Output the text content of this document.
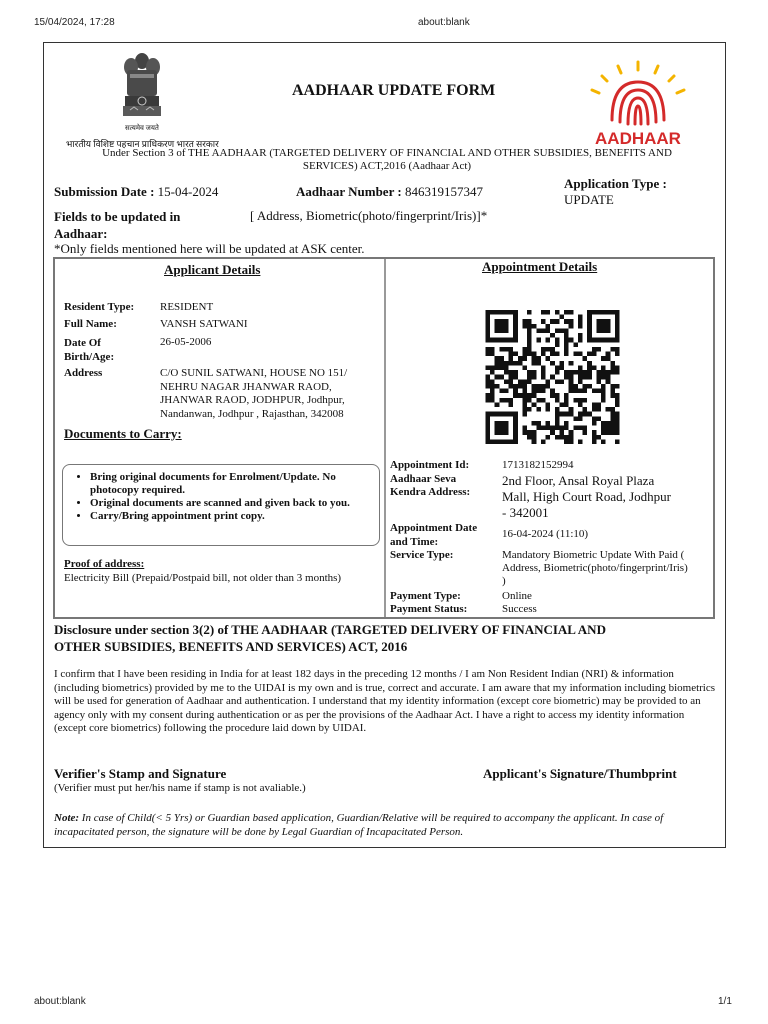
15/04/2024, 17:28	about:blank
about:blank	1/1
सत्यमेव जयते
भारतीय विशिष्ट पहचान प्राधिकरण भारत सरकार
AADHAAR UPDATE FORM
AADHAAR
Under Section 3 of THE AADHAAR (TARGETED DELIVERY OF FINANCIAL AND OTHER SUBSIDIES, BENEFITS AND
SERVICES) ACT,2016 (Aadhaar Act)
Submission Date : 15-04-2024	Aadhaar Number : 846319157347
Application Type :
UPDATE
Fields to be updated in
Aadhaar:
[ Address, Biometric(photo/fingerprint/Iris)]*
*Only fields mentioned here will be updated at ASK center.
Applicant Details
Resident Type: RESIDENT
Full Name:	VANSH SATWANI
Date Of
Birth/Age:
26-05-2006
Address	C/O SUNIL SATWANI, HOUSE NO 151/
NEHRU NAGAR JHANWAR RAOD,
JHANWAR RAOD, JODHPUR, Jodhpur,
Nandanwan, Jodhpur , Rajasthan, 342008
Documents to Carry:
• Bring original documents for Enrolment/Update. No photocopy required.
• Original documents are scanned and given back to you.
• Carry/Bring appointment print copy.
Proof of address:
Electricity Bill (Prepaid/Postpaid bill, not older than 3 months)
Appointment Details
Appointment Id:	1713182152994
Aadhaar Seva
Kendra Address:
2nd Floor, Ansal Royal Plaza
Mall, High Court Road, Jodhpur
- 342001
Appointment Date
and Time:
16-04-2024 (11:10)
Service Type:	Mandatory Biometric Update With Paid (
Address, Biometric(photo/fingerprint/Iris)
)
Payment Type:	Online
Payment Status:	Success
Disclosure under section 3(2) of THE AADHAAR (TARGETED DELIVERY OF FINANCIAL AND
OTHER SUBSIDIES, BENEFITS AND SERVICES) ACT, 2016
I confirm that I have been residing in India for at least 182 days in the preceding 12 months / I am Non Resident Indian (NRI) & information (including biometrics) provided by me to the UIDAI is my own and is true, correct and accurate. I am aware that my information including biometrics will be used for generation of Aadhaar and authentication. I understand that my identity information (except core biometric) may be provided to an agency only with my consent during authentication or as per the provisions of the Aadhaar Act. I have a right to access my identity information (except core biometrics) following the procedure laid down by UIDAI.
Verifier's Stamp and Signature
(Verifier must put her/his name if stamp is not avaliable.)
Applicant's Signature/Thumbprint
Note: In case of Child(< 5 Yrs) or Guardian based application, Guardian/Relative will be required to accompany the applicant. In case of incapacitated person, the signature will be done by Legal Guardian of Incapacitated Person.
